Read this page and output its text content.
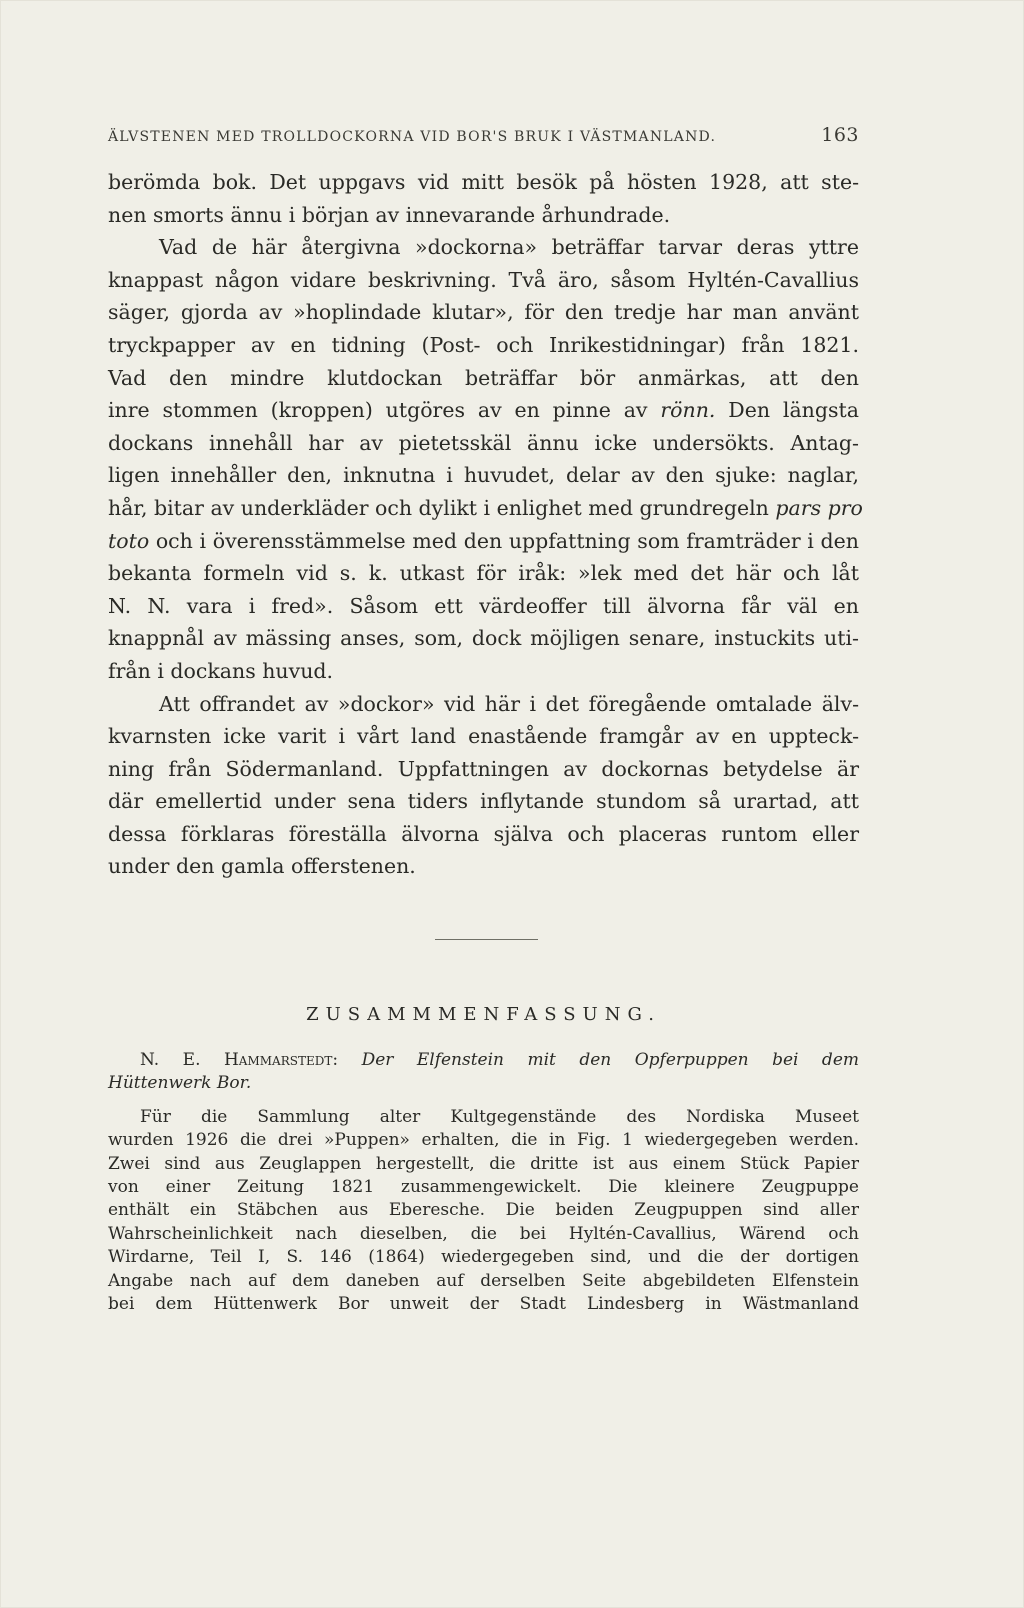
ÄLVSTENEN MED TROLLDOCKORNA VID BOR'S BRUK I VÄSTMANLAND.	163
berömda bok. Det uppgavs vid mitt besök på hösten 1928, att ste-
nen smorts ännu i början av innevarande århundrade.
Vad de här återgivna »dockorna» beträffar tarvar deras yttre
knappast någon vidare beskrivning. Två äro, såsom Hyltén-Cavallius
säger, gjorda av »hoplindade klutar», för den tredje har man använt
tryckpapper av en tidning (Post- och Inrikestidningar) från 1821.
Vad den mindre klutdockan beträffar bör anmärkas, att den
inre stommen (kroppen) utgöres av en pinne av rönn. Den längsta
dockans innehåll har av pietetsskäl ännu icke undersökts. Antag-
ligen innehåller den, inknutna i huvudet, delar av den sjuke: naglar,
hår, bitar av underkläder och dylikt i enlighet med grundregeln pars pro
toto och i överensstämmelse med den uppfattning som framträder i den
bekanta formeln vid s. k. utkast för iråk: »lek med det här och låt
N. N. vara i fred». Såsom ett värdeoffer till älvorna får väl en
knappnål av mässing anses, som, dock möjligen senare, instuckits uti-
från i dockans huvud.
Att offrandet av »dockor» vid här i det föregående omtalade älv-
kvarnsten icke varit i vårt land enastående framgår av en uppteck-
ning från Södermanland. Uppfattningen av dockornas betydelse är
där emellertid under sena tiders inflytande stundom så urartad, att
dessa förklaras föreställa älvorna själva och placeras runtom eller
under den gamla offerstenen.
ZUSAMMMENFASSUNG.
N. E. Hammarstedt: Der Elfenstein mit den Opferpuppen bei dem
Hüttenwerk Bor.
Für die Sammlung alter Kultgegenstände des Nordiska Museet
wurden 1926 die drei »Puppen» erhalten, die in Fig. 1 wiedergegeben werden.
Zwei sind aus Zeuglappen hergestellt, die dritte ist aus einem Stück Papier
von einer Zeitung 1821 zusammengewickelt. Die kleinere Zeugpuppe
enthält ein Stäbchen aus Eberesche. Die beiden Zeugpuppen sind aller
Wahrscheinlichkeit nach dieselben, die bei Hyltén-Cavallius, Wärend och
Wirdarne, Teil I, S. 146 (1864) wiedergegeben sind, und die der dortigen
Angabe nach auf dem daneben auf derselben Seite abgebildeten Elfenstein
bei dem Hüttenwerk Bor unweit der Stadt Lindesberg in Wästmanland
